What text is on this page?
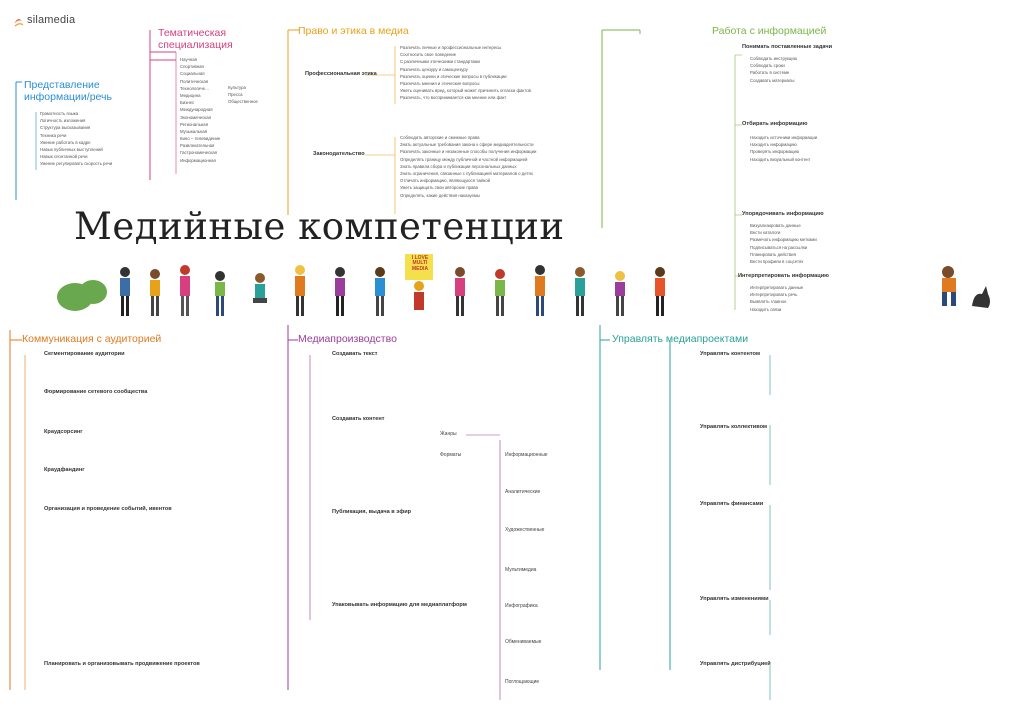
silamedia
Тематическая
специализация
Научная
Спортивная
Социальная
Политическая
Технологиче…
Медицина
Бизнес
Международная
Экономическая
Региональная
Музыкальная
Кино – телевидение
Развлекательная
Гастрономическая
Информационная
Культура
Пресса
Общественное
Право и этика в медиа
Профессиональная этика
Различать личные и профессиональные интересы
Соотносить свое поведение
С различными этическими стандартами
Различать цензуру и самоцензуру
Различать оценки и этические вопросы в публикации
Различать мнения и этические вопросы
Уметь оценивать вред, который может причинить огласка фактов
Различать, что воспринимается как мнение или факт
Законодательство
Соблюдать авторские и смежные права
Знать актуальные требования закона к сфере медиадеятельности
Различать законные и незаконные способы получения информации
Определять границу между публичной и частной информацией
Знать правила сбора и публикации персональных данных
Знать ограничения, связанные с публикацией материалов о детях
Отличать информацию, являющуюся тайной
Уметь защищать свои авторские права
Определять, какие действия наказуемы
Представление
информации/речь
Грамотность языка
Логичность изложения
Структура высказывания
Техника речи
Умение работать в кадре
Навык публичных выступлений
Навык спонтанной речи
Умение регулировать скорость речи
Работа с информацией
Понимать поставленные задачи
Соблюдать инструкцию
Соблюдать сроки
Работать в системе
Создавать материалы
Отбирать информацию
Находить источники информации
Находить информацию
Проверять информацию
Находить визуальный контент
Упорядочивать информацию
Визуализировать данные
Вести каталоги
Размечать информацию метками
Подписываться на рассылки
Планировать действия
Вести профили в соцсетях
Интерпретировать информацию
Интерпретировать данные
Интерпретировать речь
Выявлять главное
Находить связи
Медийные компетенции
I LOVE MULTI MEDIA
Коммуникация с аудиторией
Сегментирование аудитории
Формирование сетевого сообщества
Краудсорсинг
Краудфандинг
Организация и проведение событий, ивентов
Планировать и организовывать продвижение проектов
Медиапроизводство
Создавать текст
Создавать контент
Публикация, выдача в эфир
Упаковывать информацию для медиаплатформ
Жанры
Форматы	Информационные
Аналитические
Художественные
Мультимедиа
Инфографика
Обмениваемые
Поглощающие
Управлять медиапроектами
Управлять контентом
Управлять коллективом
Управлять финансами
Управлять изменениями
Управлять дистрибуцией
